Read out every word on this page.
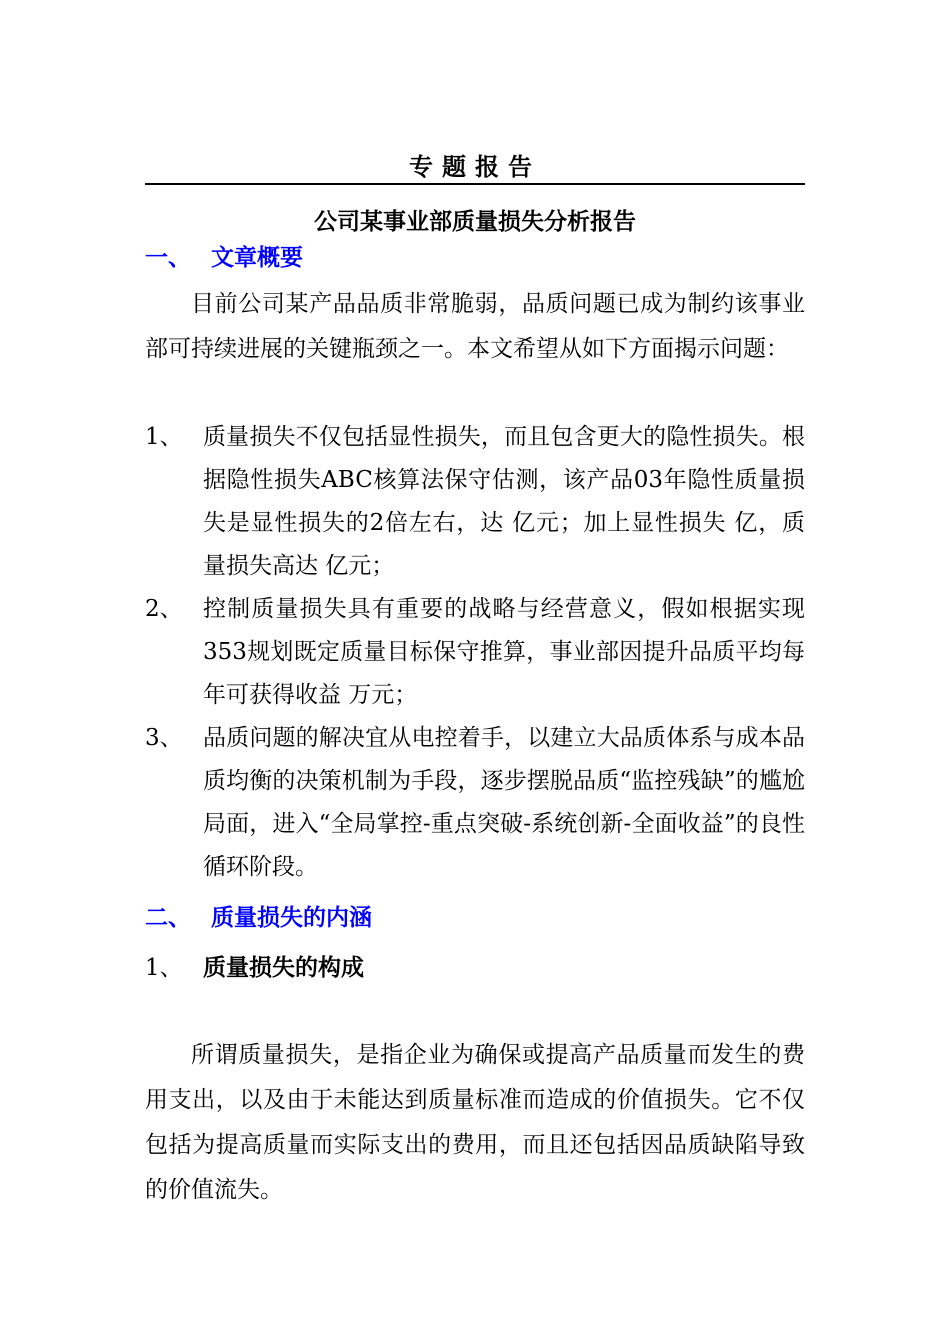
专题报告
公司某事业部质量损失分析报告
一、 文章概要
目前公司某产品品质非常脆弱，品质问题已成为制约该事业部可持续进展的关键瓶颈之一。本文希望从如下方面揭示问题：
1、 质量损失不仅包括显性损失，而且包含更大的隐性损失。根据隐性损失ABC核算法保守估测，该产品03年隐性质量损失是显性损失的2倍左右，达 亿元；加上显性损失 亿，质量损失高达 亿元；
2、 控制质量损失具有重要的战略与经营意义，假如根据实现353规划既定质量目标保守推算，事业部因提升品质平均每年可获得收益 万元；
3、 品质问题的解决宜从电控着手，以建立大品质体系与成本品质均衡的决策机制为手段，逐步摆脱品质“监控残缺”的尴尬局面，进入“全局掌控-重点突破-系统创新-全面收益”的良性循环阶段。
二、 质量损失的内涵
1、 质量损失的构成
所谓质量损失，是指企业为确保或提高产品质量而发生的费用支出，以及由于未能达到质量标准而造成的价值损失。它不仅包括为提高质量而实际支出的费用，而且还包括因品质缺陷导致的价值流失。
